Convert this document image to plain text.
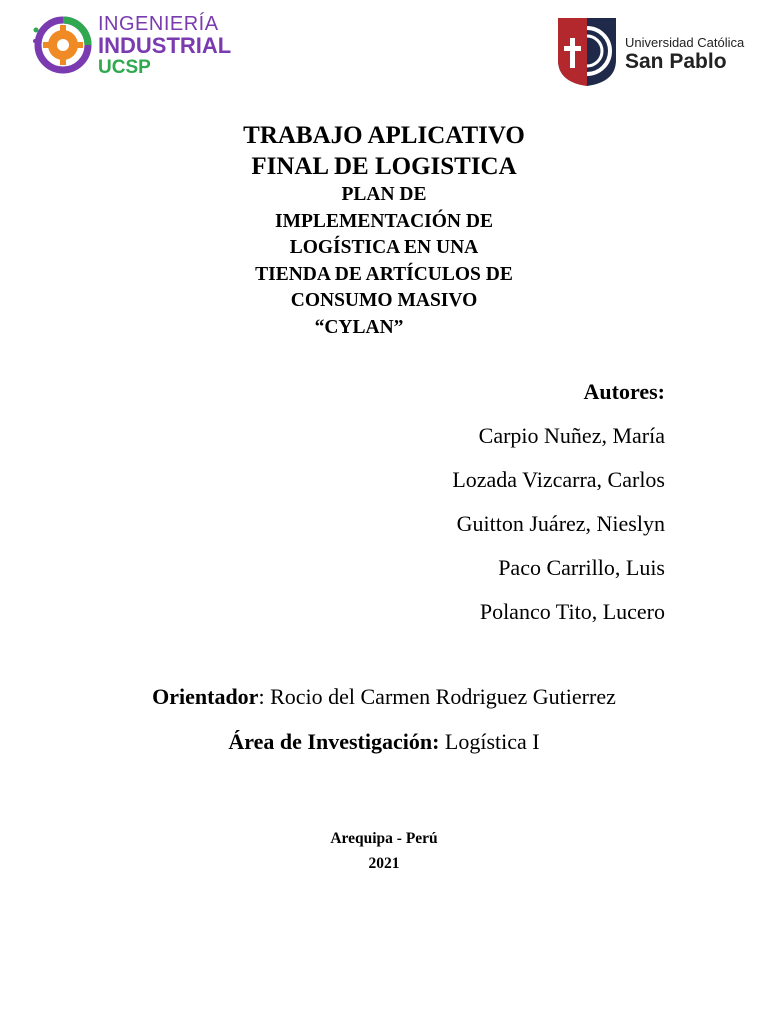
INGENIERÍA
INDUSTRIAL
UCSP
Universidad Católica
San Pablo
TRABAJO APLICATIVO
FINAL DE LOGISTICA
PLAN DE
IMPLEMENTACIÓN DE
LOGÍSTICA EN UNA
TIENDA DE ARTÍCULOS DE
CONSUMO MASIVO
“CYLAN”
Autores:
Carpio Nuñez, María
Lozada Vizcarra, Carlos
Guitton Juárez, Nieslyn
Paco Carrillo, Luis
Polanco Tito, Lucero
Orientador: Rocio del Carmen Rodriguez Gutierrez
Área de Investigación: Logística I
Arequipa - Perú
2021
